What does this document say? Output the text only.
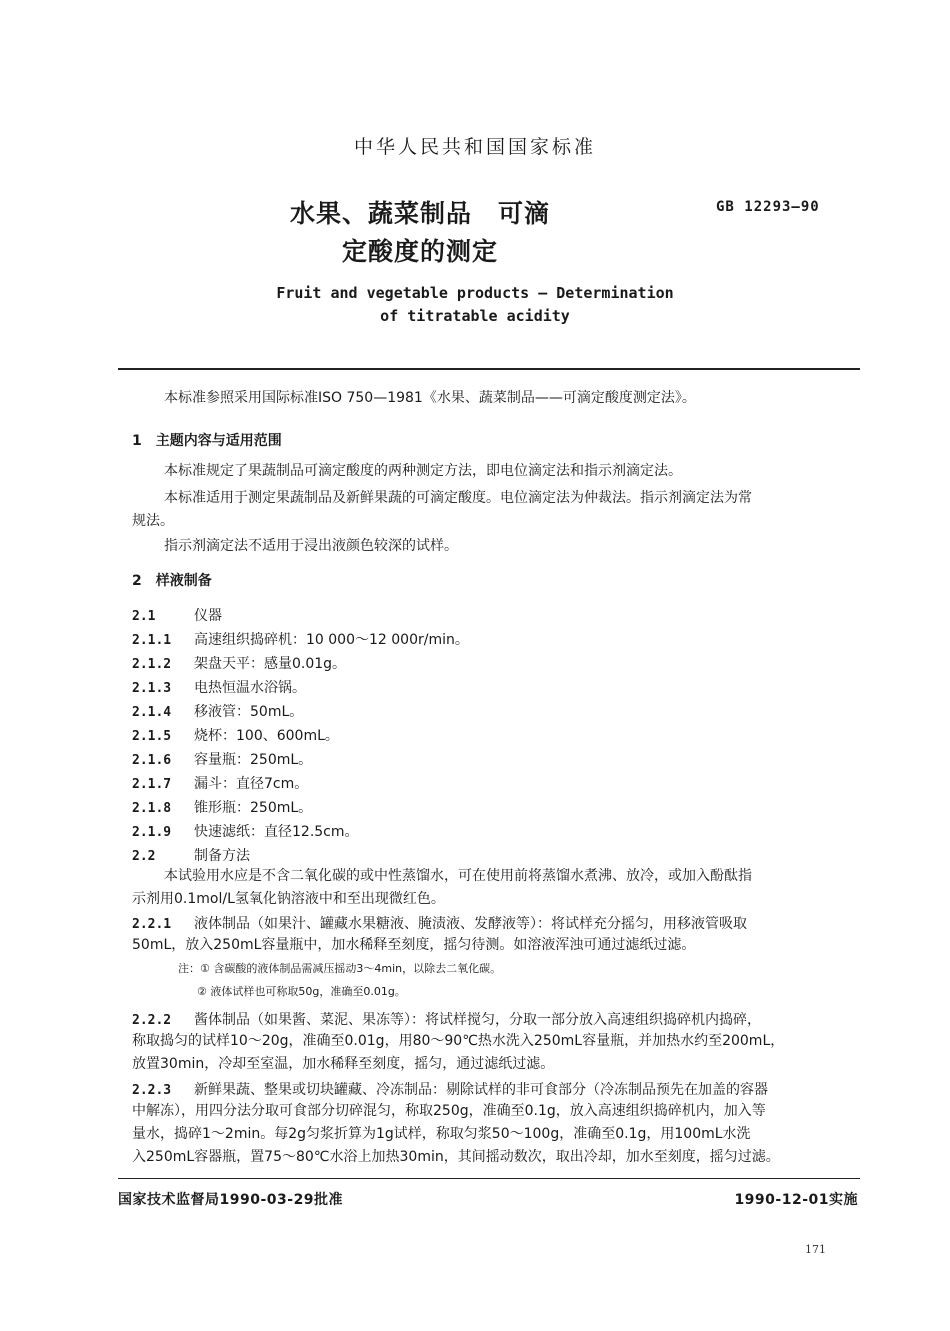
中华人民共和国国家标准
水果、蔬菜制品　可滴
定酸度的测定
GB 12293—90
Fruit and vegetable products — Determination
of titratable acidity
本标准参照采用国际标准ISO 750—1981《水果、蔬菜制品——可滴定酸度测定法》。
1　主题内容与适用范围
本标准规定了果蔬制品可滴定酸度的两种测定方法，即电位滴定法和指示剂滴定法。
本标准适用于测定果蔬制品及新鲜果蔬的可滴定酸度。电位滴定法为仲裁法。指示剂滴定法为常
规法。
指示剂滴定法不适用于浸出液颜色较深的试样。
2　样液制备
2.1	仪器
2.1.1 高速组织捣碎机：10 000～12 000r/min。
2.1.2 架盘天平：感量0.01g。
2.1.3 电热恒温水浴锅。
2.1.4 移液管：50mL。
2.1.5 烧杯：100、600mL。
2.1.6 容量瓶：250mL。
2.1.7 漏斗：直径7cm。
2.1.8 锥形瓶：250mL。
2.1.9 快速滤纸：直径12.5cm。
2.2	制备方法
本试验用水应是不含二氧化碳的或中性蒸馏水，可在使用前将蒸馏水煮沸、放冷，或加入酚酞指
示剂用0.1mol/L氢氧化钠溶液中和至出现微红色。
2.2.1 液体制品（如果汁、罐藏水果糖液、腌渍液、发酵液等）：将试样充分摇匀，用移液管吸取
50mL，放入250mL容量瓶中，加水稀释至刻度，摇匀待测。如溶液浑浊可通过滤纸过滤。
注：① 含碳酸的液体制品需减压摇动3～4min，以除去二氧化碳。
② 液体试样也可称取50g，准确至0.01g。
2.2.2 酱体制品（如果酱、菜泥、果冻等）：将试样搅匀，分取一部分放入高速组织捣碎机内捣碎，
称取捣匀的试样10～20g，准确至0.01g，用80～90℃热水洗入250mL容量瓶，并加热水约至200mL，
放置30min，冷却至室温，加水稀释至刻度，摇匀，通过滤纸过滤。
2.2.3 新鲜果蔬、整果或切块罐藏、冷冻制品：剔除试样的非可食部分（冷冻制品预先在加盖的容器
中解冻），用四分法分取可食部分切碎混匀，称取250g，准确至0.1g，放入高速组织捣碎机内，加入等
量水，捣碎1～2min。每2g匀浆折算为1g试样，称取匀浆50～100g，准确至0.1g，用100mL水洗
入250mL容器瓶，置75～80℃水浴上加热30min，其间摇动数次，取出冷却，加水至刻度，摇匀过滤。
国家技术监督局1990-03-29批准	1990-12-01实施
171
